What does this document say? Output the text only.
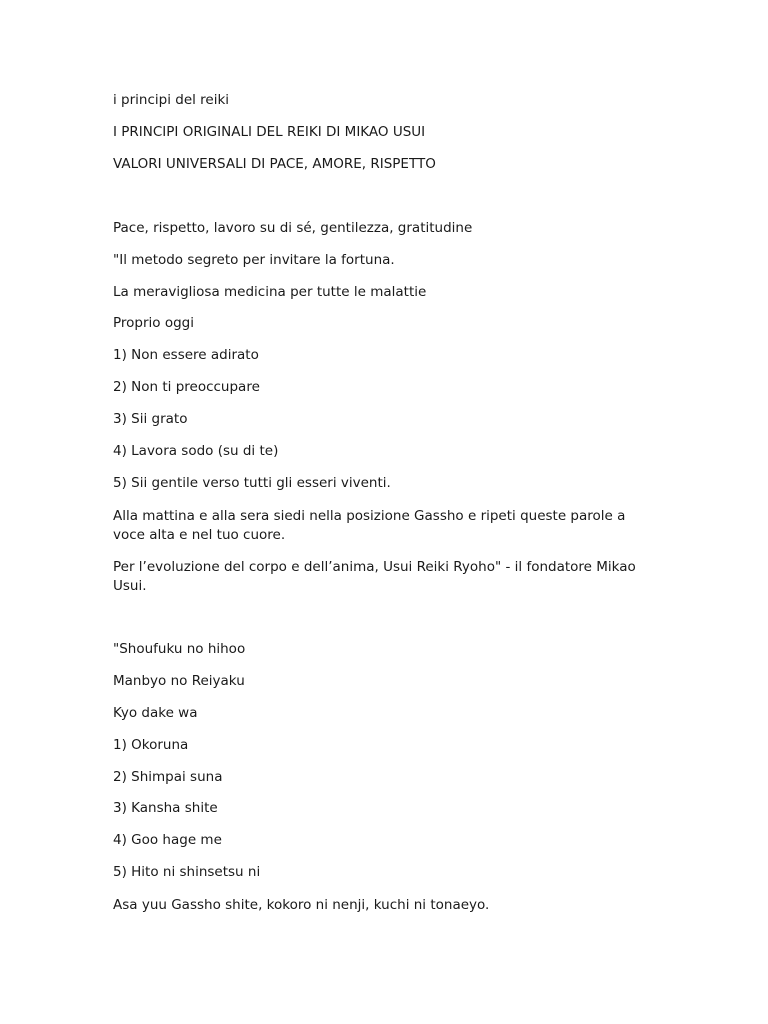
i principi del reiki
I PRINCIPI ORIGINALI DEL REIKI DI MIKAO USUI
VALORI UNIVERSALI DI PACE, AMORE, RISPETTO
Pace, rispetto, lavoro su di sé, gentilezza, gratitudine
"Il metodo segreto per invitare la fortuna.
La meravigliosa medicina per tutte le malattie
Proprio oggi
1) Non essere adirato
2) Non ti preoccupare
3) Sii grato
4) Lavora sodo (su di te)
5) Sii gentile verso tutti gli esseri viventi.
Alla mattina e alla sera siedi nella posizione Gassho e ripeti queste parole a voce alta e nel tuo cuore.
Per l’evoluzione del corpo e dell’anima, Usui Reiki Ryoho" - il fondatore Mikao Usui.
"Shoufuku no hihoo
Manbyo no Reiyaku
Kyo dake wa
1) Okoruna
2) Shimpai suna
3) Kansha shite
4) Goo hage me
5) Hito ni shinsetsu ni
Asa yuu Gassho shite, kokoro ni nenji, kuchi ni tonaeyo.
